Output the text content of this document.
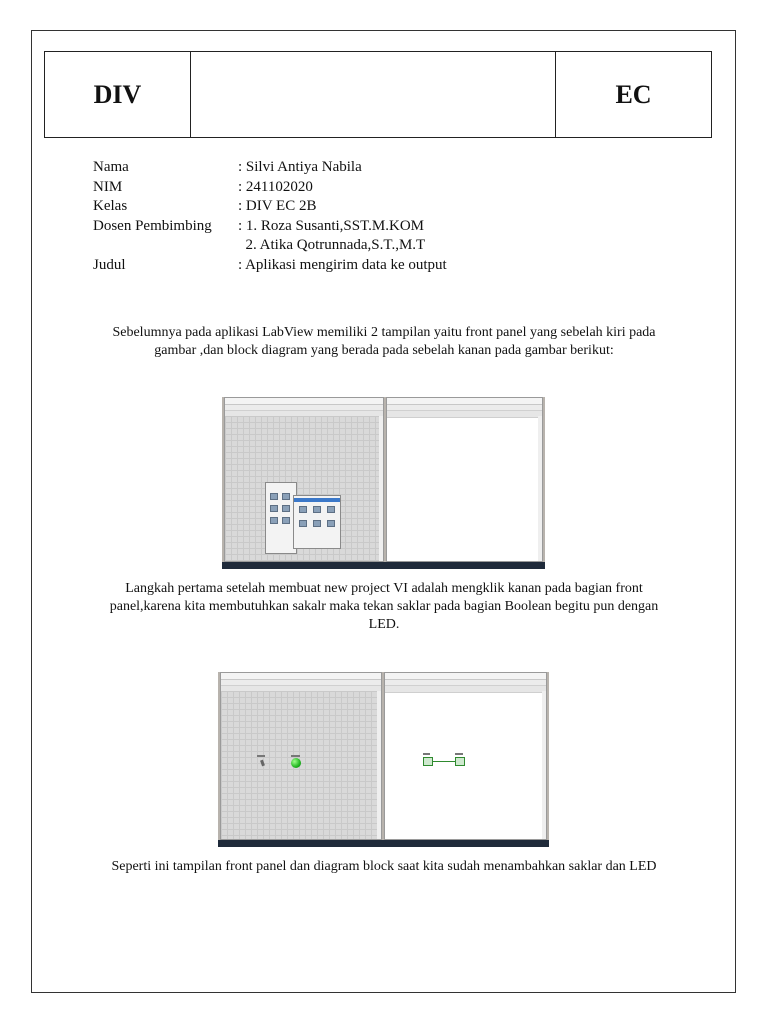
DIV	EC
Nama	: Silvi Antiya Nabila
NIM	: 241102020
Kelas	: DIV EC 2B
Dosen Pembimbing	: 1. Roza Susanti,SST.M.KOM
2. Atika Qotrunnada,S.T.,M.T
Judul	: Aplikasi mengirim data ke output
Sebelumnya pada aplikasi LabView memiliki 2 tampilan yaitu front panel yang sebelah kiri pada gambar ,dan block diagram yang berada pada sebelah kanan pada gambar berikut:
Langkah pertama setelah membuat new project VI adalah mengklik kanan pada bagian front panel,karena kita membutuhkan sakalr maka tekan saklar pada bagian Boolean begitu pun dengan LED.
Seperti ini tampilan front panel dan diagram block saat kita sudah menambahkan saklar dan LED
